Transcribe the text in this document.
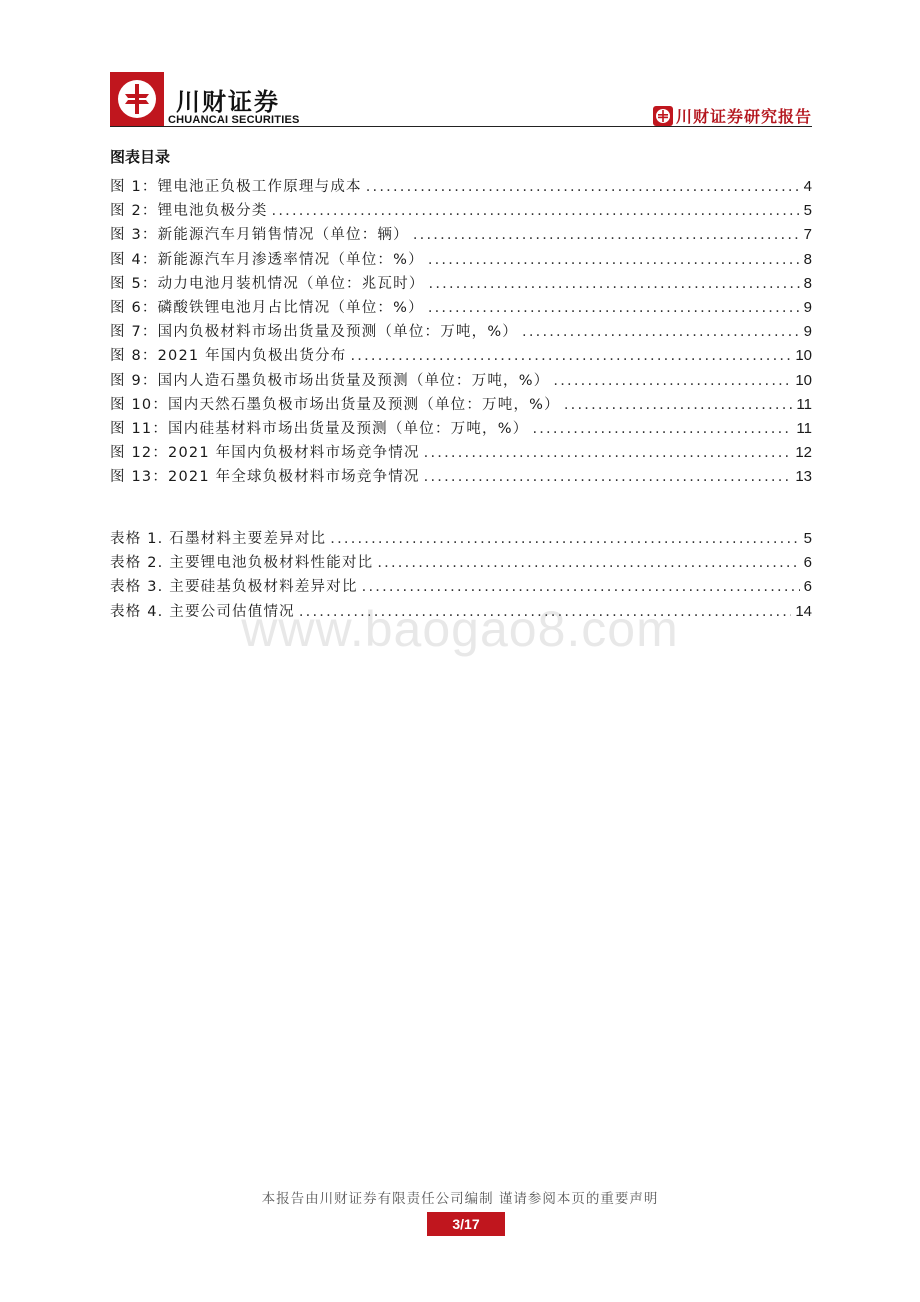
川财证券
CHUANCAI SECURITIES	川财证券研究报告
图表目录
图 1：锂电池正负极工作原理与成本 .....	4
图 2：锂电池负极分类 .....	5
图 3：新能源汽车月销售情况（单位：辆） .....	7
图 4：新能源汽车月渗透率情况（单位：%） .....	8
图 5：动力电池月装机情况（单位：兆瓦时） .....	8
图 6：磷酸铁锂电池月占比情况（单位：%） .....	9
图 7：国内负极材料市场出货量及预测（单位：万吨，%） .....	9
图 8：2021 年国内负极出货分布 .....	10
图 9：国内人造石墨负极市场出货量及预测（单位：万吨，%） .....	10
图 10：国内天然石墨负极市场出货量及预测（单位：万吨，%） .....	11
图 11：国内硅基材料市场出货量及预测（单位：万吨，%） .....	11
图 12：2021 年国内负极材料市场竞争情况 .....	12
图 13：2021 年全球负极材料市场竞争情况 .....	13
表格 1. 石墨材料主要差异对比 .....	5
表格 2. 主要锂电池负极材料性能对比 .....	6
表格 3. 主要硅基负极材料差异对比 .....	6
表格 4. 主要公司估值情况 .....	14
www.baogao8.com
本报告由川财证券有限责任公司编制 谨请参阅本页的重要声明
3/17
